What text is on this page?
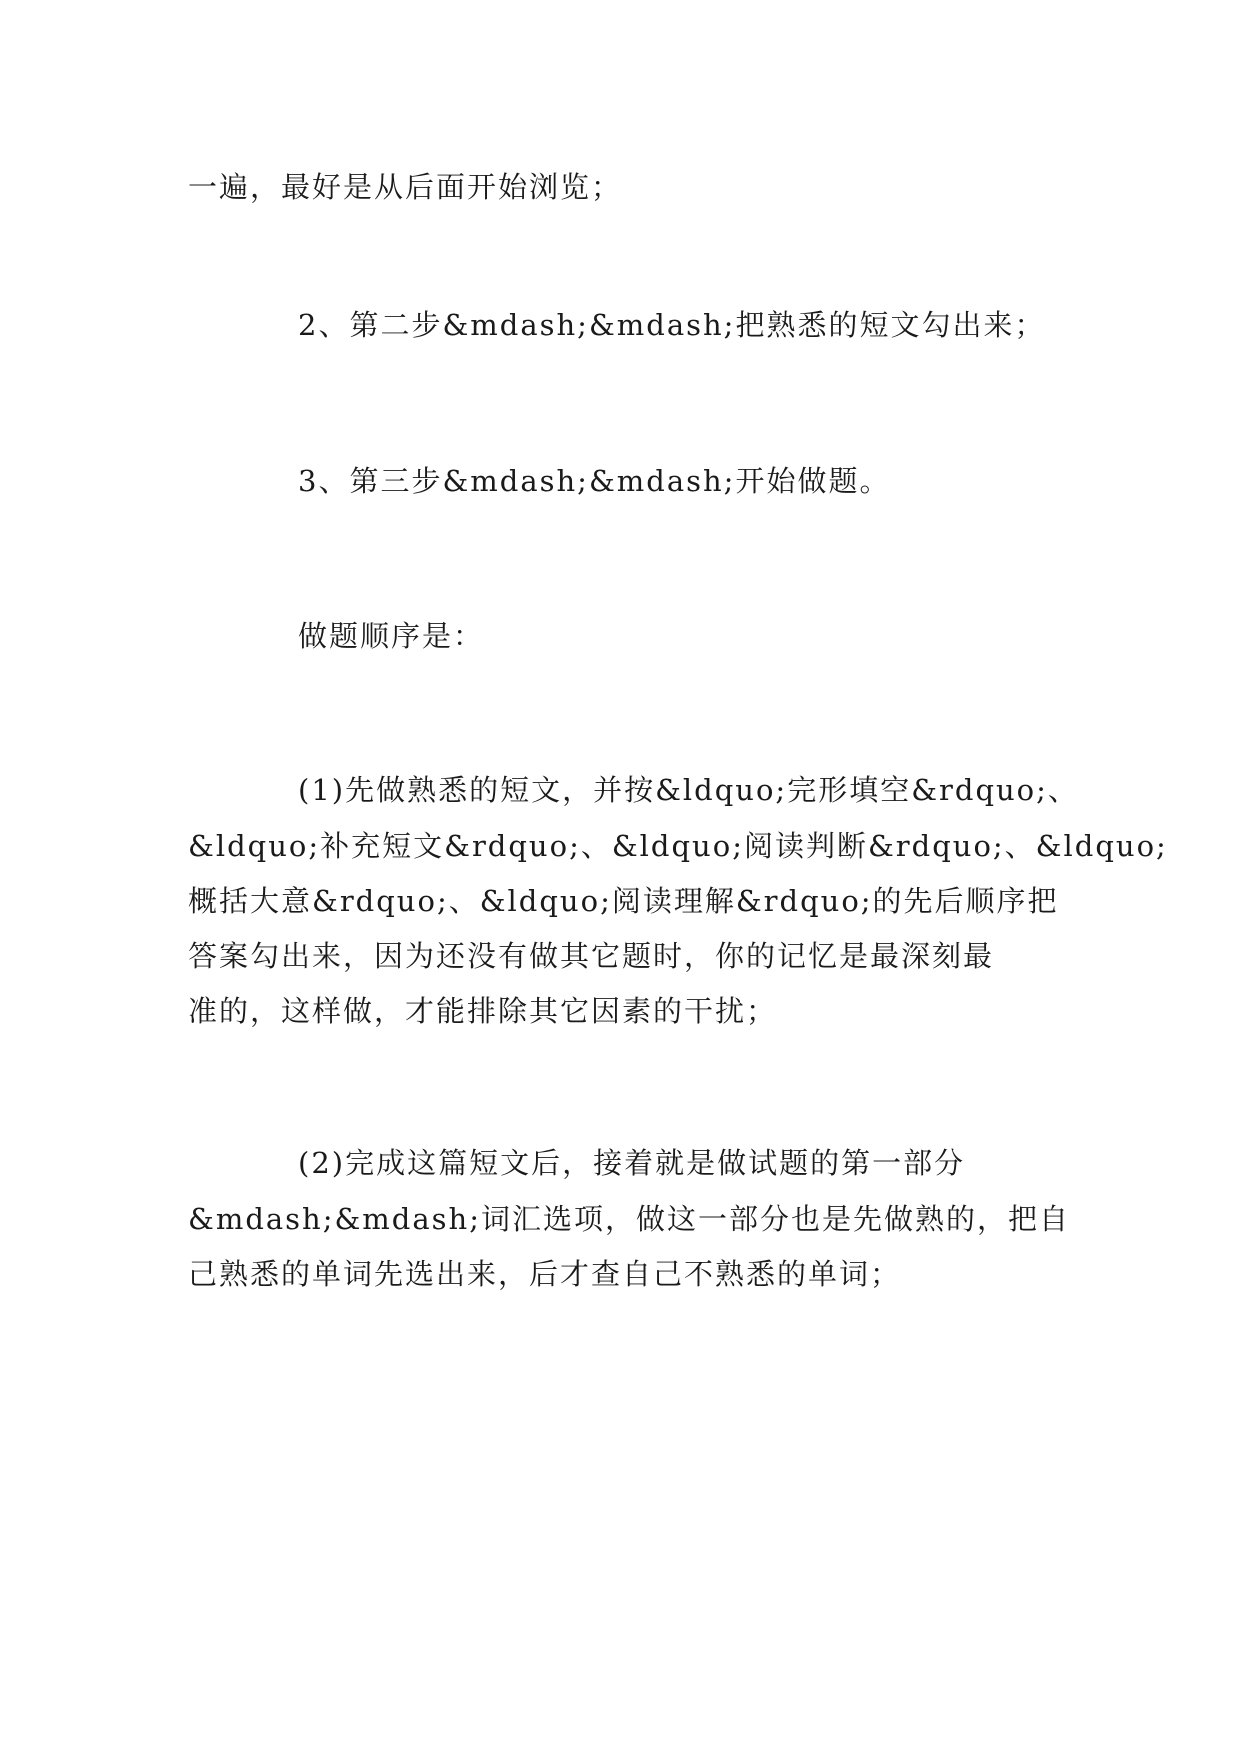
一遍，最好是从后面开始浏览；

2、第二步&mdash;&mdash;把熟悉的短文勾出来；

3、第三步&mdash;&mdash;开始做题。

做题顺序是：

(1)先做熟悉的短文，并按&ldquo;完形填空&rdquo;、

&ldquo;补充短文&rdquo;、&ldquo;阅读判断&rdquo;、&ldquo;

概括大意&rdquo;、&ldquo;阅读理解&rdquo;的先后顺序把

答案勾出来，因为还没有做其它题时，你的记忆是最深刻最

准的，这样做，才能排除其它因素的干扰；

(2)完成这篇短文后，接着就是做试题的第一部分

&mdash;&mdash;词汇选项，做这一部分也是先做熟的，把自

己熟悉的单词先选出来，后才查自己不熟悉的单词；
